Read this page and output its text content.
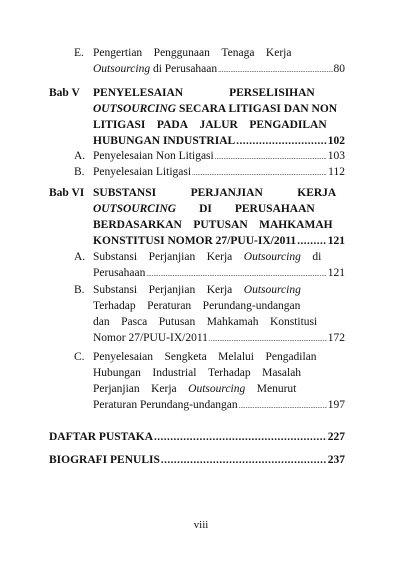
E. Pengertian Penggunaan Tenaga Kerja
Outsourcing di Perusahaan .....	80
Bab V PENYELESAIAN    PERSELISIHAN
OUTSOURCING SECARA LITIGASI DAN NON
LITIGASI PADA JALUR PENGADILAN
HUBUNGAN INDUSTRIAL .....	102
A. Penyelesaian Non Litigasi .....	103
B. Penyelesaian Litigasi .....	112
Bab VI SUBSTANSI   PERJANJIAN   KERJA
OUTSOURCING  DI  PERUSAHAAN
BERDASARKAN PUTUSAN MAHKAMAH
KONSTITUSI NOMOR 27/PUU-IX/2011 .....	121
A. Substansi Perjanjian Kerja Outsourcing di
Perusahaan .....	121
B. Substansi Perjanjian Kerja Outsourcing
Terhadap Peraturan Perundang-undangan
dan Pasca Putusan Mahkamah Konstitusi
Nomor 27/PUU-IX/2011 .....	172
C. Penyelesaian Sengketa Melalui Pengadilan
Hubungan Industrial Terhadap Masalah
Perjanjian Kerja Outsourcing Menurut
Peraturan Perundang-undangan .....	197
DAFTAR PUSTAKA .....	227
BIOGRAFI PENULIS .....	237
viii
